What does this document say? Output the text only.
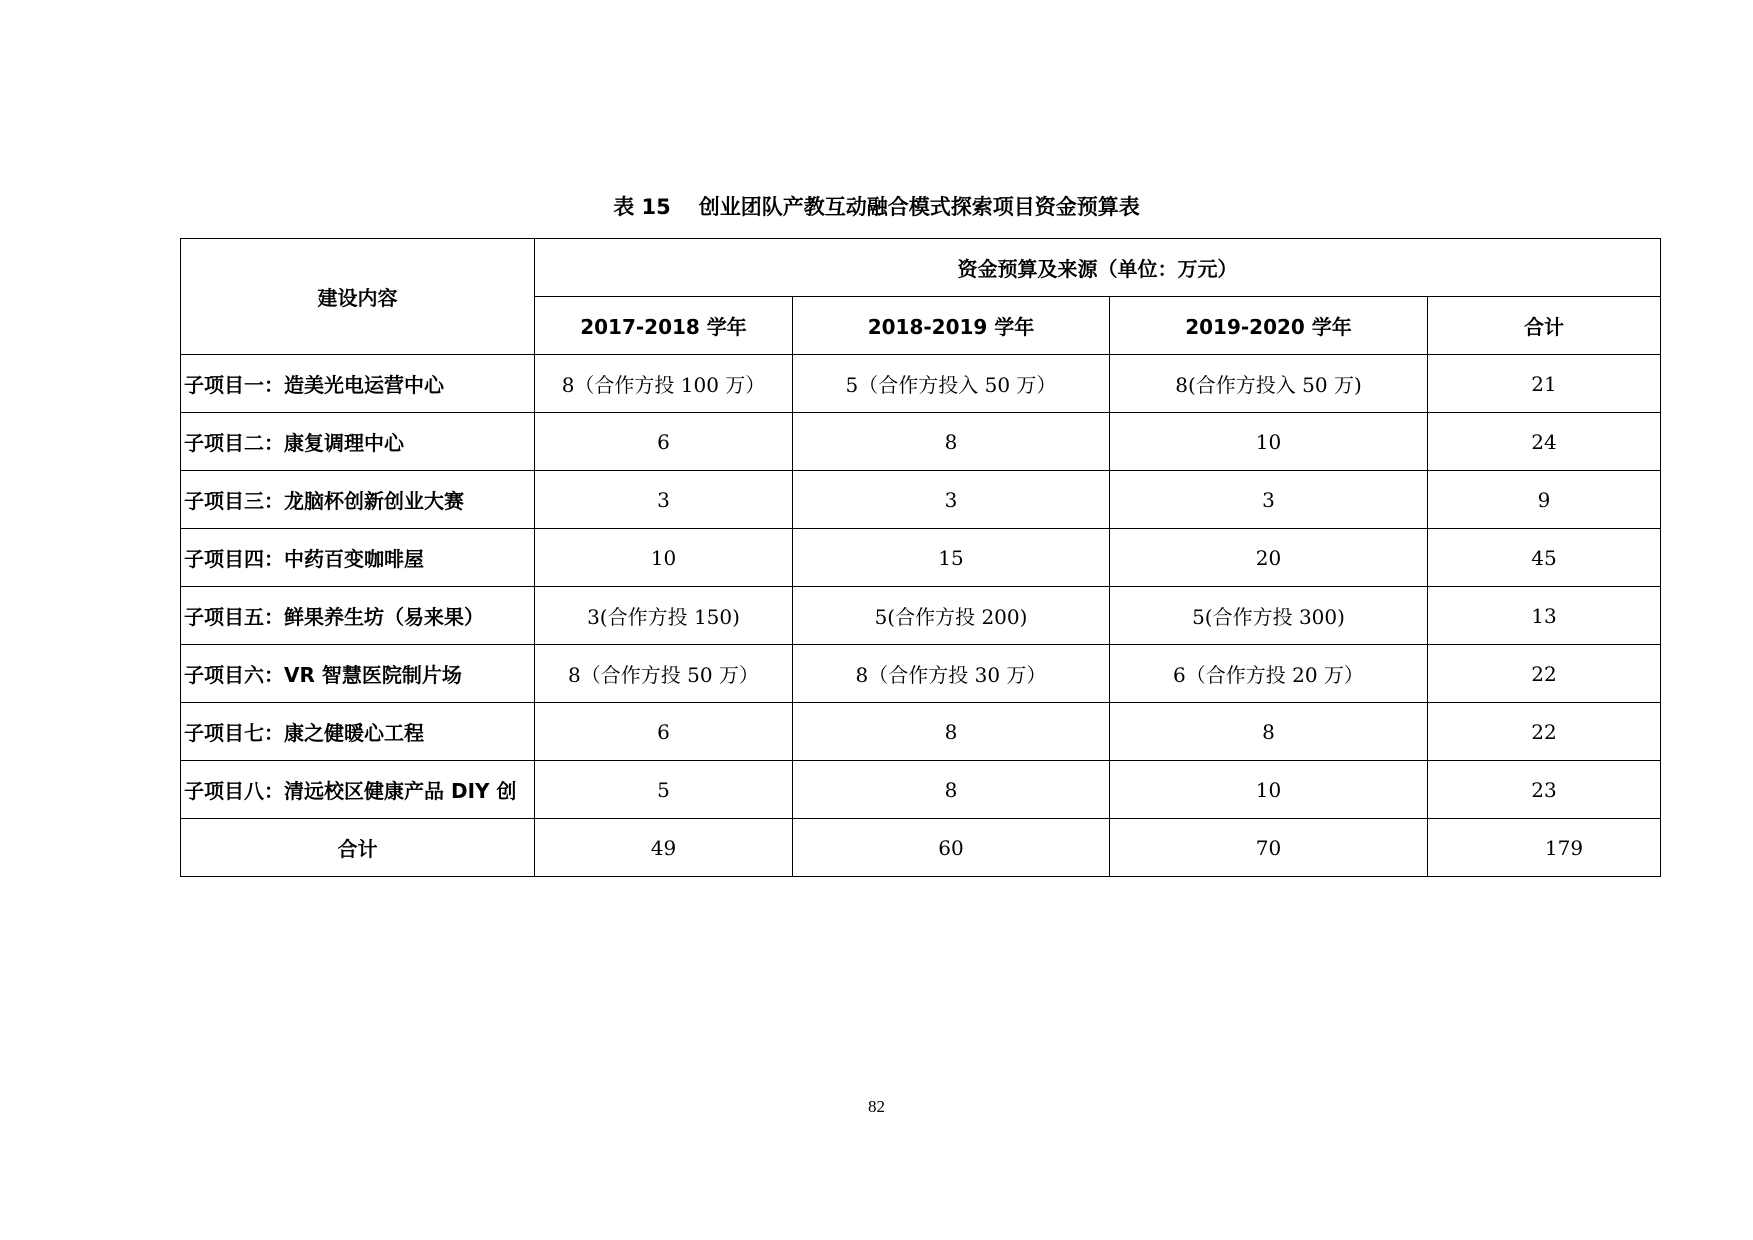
表 15 创业团队产教互动融合模式探索项目资金预算表
建设内容	资金预算及来源（单位：万元）			
	2017-2018 学年	2018-2019 学年	2019-2020 学年	合计
子项目一：造美光电运营中心	8（合作方投 100 万）	5（合作方投入 50 万）	8(合作方投入 50 万)	21
子项目二：康复调理中心	6	8	10	24
子项目三：龙脑杯创新创业大赛	3	3	3	9
子项目四：中药百变咖啡屋	10	15	20	45
子项目五：鲜果养生坊（易来果）	3(合作方投 150)	5(合作方投 200)	5(合作方投 300)	13
子项目六：VR 智慧医院制片场	8（合作方投 50 万）	8（合作方投 30 万）	6（合作方投 20 万）	22
子项目七：康之健暖心工程	6	8	8	22
子项目八：清远校区健康产品 DIY 创	5	8	10	23
合计	49	60	70	179
82
